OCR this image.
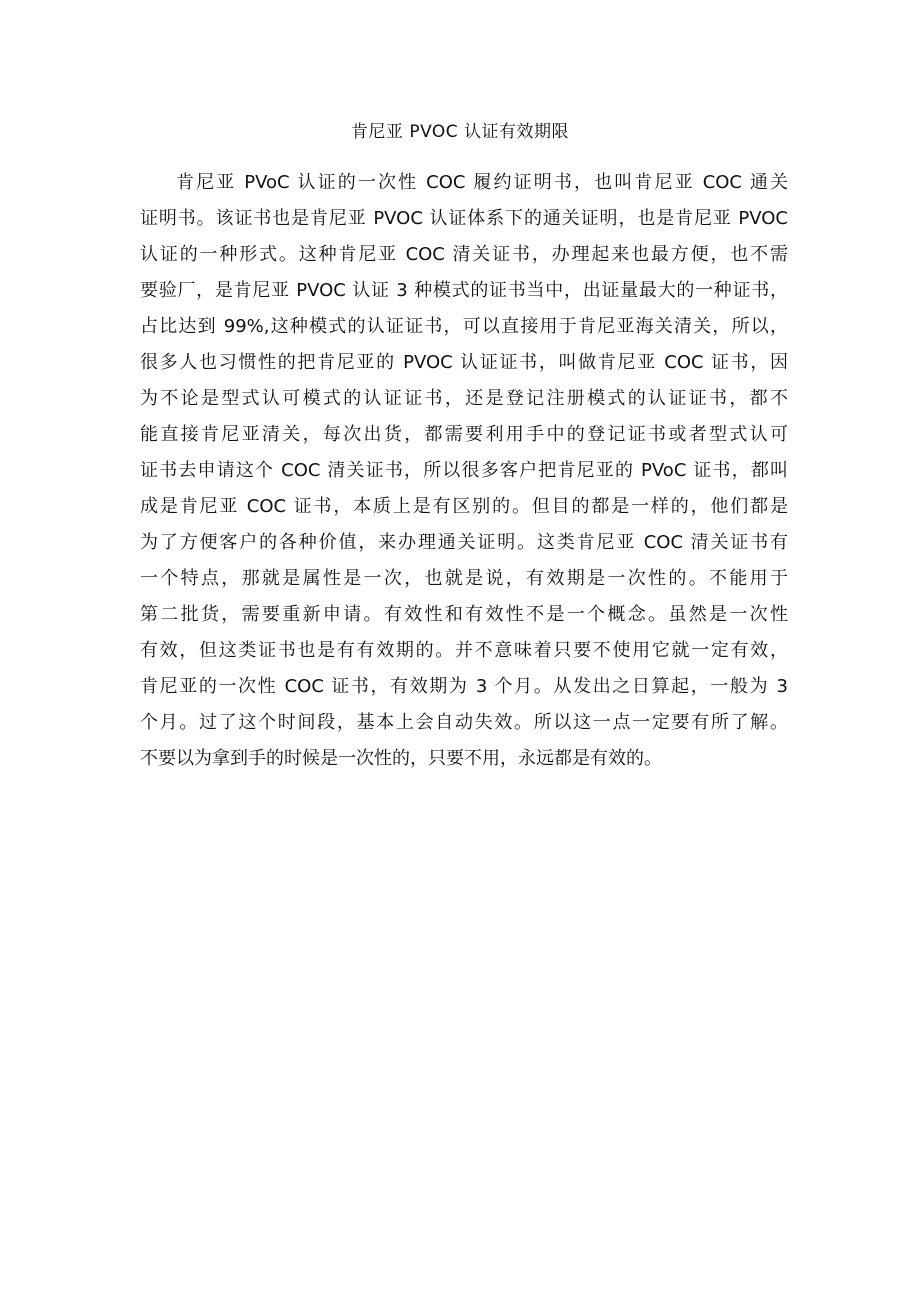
肯尼亚 PVOC 认证有效期限
肯尼亚 PVoC 认证的一次性 COC 履约证明书，也叫肯尼亚 COC 通关
证明书。该证书也是肯尼亚 PVOC 认证体系下的通关证明，也是肯尼亚 PVOC
认证的一种形式。这种肯尼亚 COC 清关证书，办理起来也最方便，也不需
要验厂，是肯尼亚 PVOC 认证 3 种模式的证书当中，出证量最大的一种证书，
占比达到 99%,这种模式的认证证书，可以直接用于肯尼亚海关清关，所以，
很多人也习惯性的把肯尼亚的 PVOC 认证证书，叫做肯尼亚 COC 证书，因
为不论是型式认可模式的认证证书，还是登记注册模式的认证证书，都不
能直接肯尼亚清关，每次出货，都需要利用手中的登记证书或者型式认可
证书去申请这个 COC 清关证书，所以很多客户把肯尼亚的 PVoC 证书，都叫
成是肯尼亚 COC 证书，本质上是有区别的。但目的都是一样的，他们都是
为了方便客户的各种价值，来办理通关证明。这类肯尼亚 COC 清关证书有
一个特点，那就是属性是一次，也就是说，有效期是一次性的。不能用于
第二批货，需要重新申请。有效性和有效性不是一个概念。虽然是一次性
有效，但这类证书也是有有效期的。并不意味着只要不使用它就一定有效，
肯尼亚的一次性 COC 证书，有效期为 3 个月。从发出之日算起，一般为 3
个月。过了这个时间段，基本上会自动失效。所以这一点一定要有所了解。
不要以为拿到手的时候是一次性的，只要不用，永远都是有效的。
